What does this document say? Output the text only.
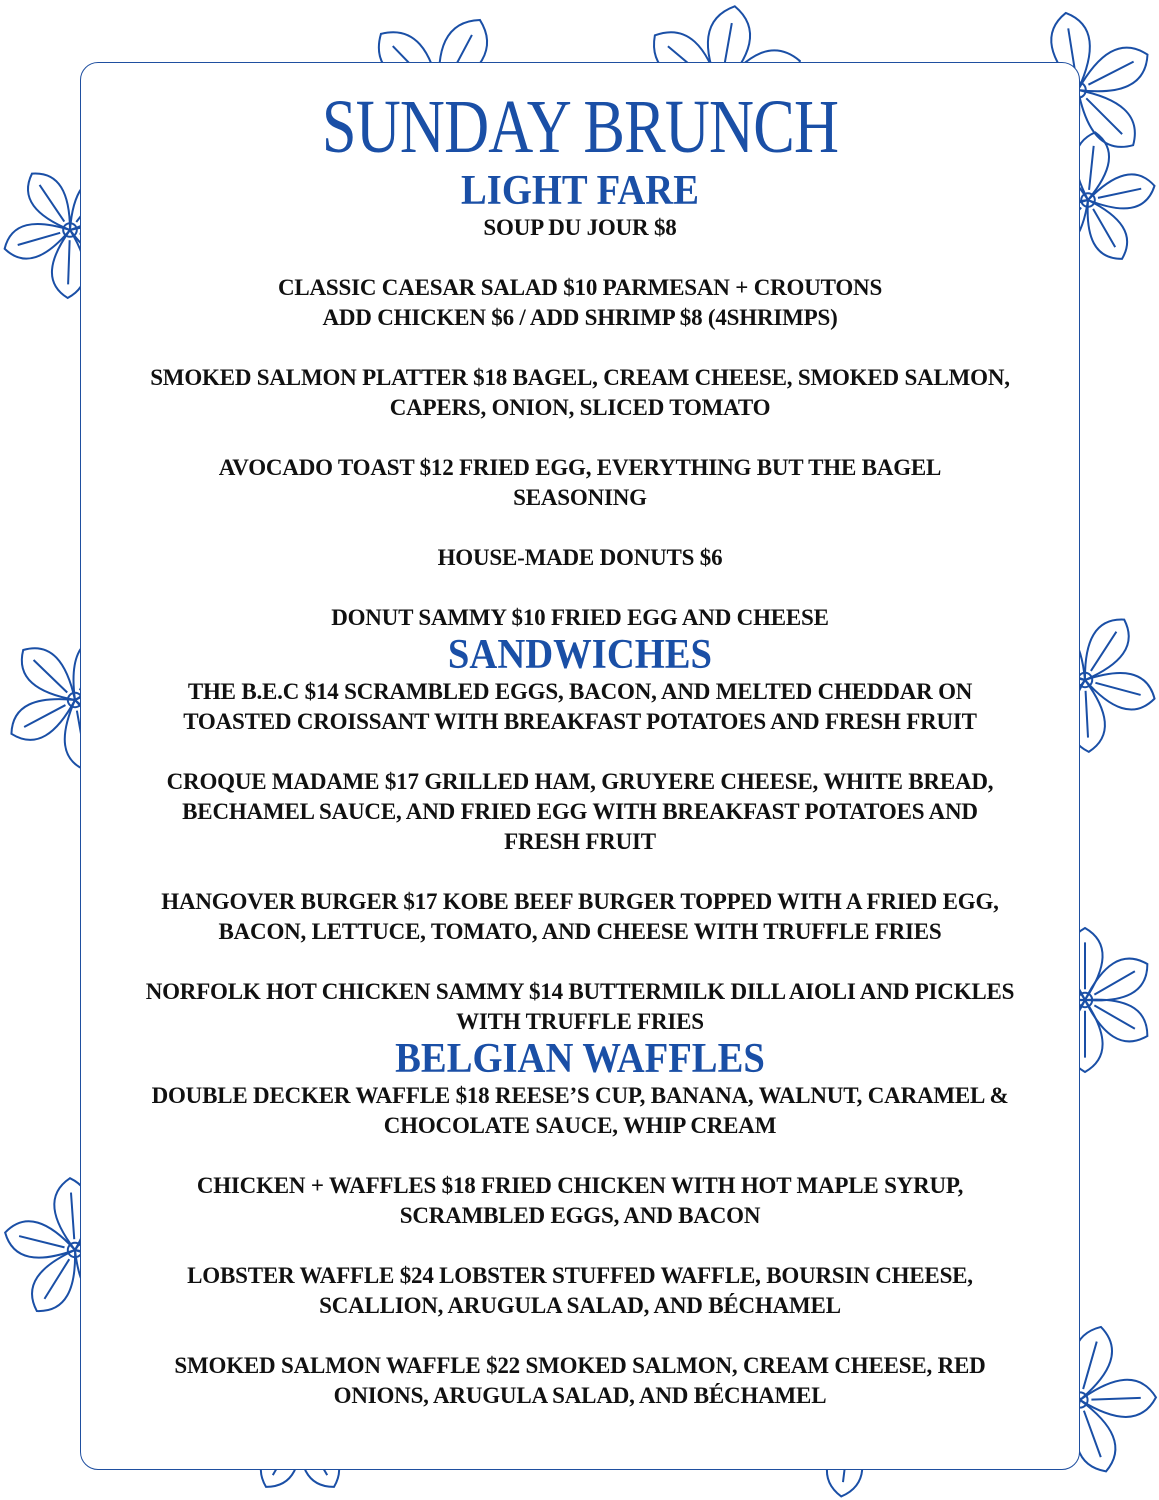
SUNDAY BRUNCH
LIGHT FARE
SOUP DU JOUR $8
CLASSIC CAESAR SALAD $10 PARMESAN + CROUTONS
ADD CHICKEN $6 / ADD SHRIMP $8 (4SHRIMPS)
SMOKED SALMON PLATTER $18 BAGEL, CREAM CHEESE, SMOKED SALMON,
CAPERS, ONION, SLICED TOMATO
AVOCADO TOAST $12 FRIED EGG, EVERYTHING BUT THE BAGEL
SEASONING
HOUSE-MADE DONUTS $6
DONUT SAMMY $10 FRIED EGG AND CHEESE
SANDWICHES
THE B.E.C $14 SCRAMBLED EGGS, BACON, AND MELTED CHEDDAR ON
TOASTED CROISSANT WITH BREAKFAST POTATOES AND FRESH FRUIT
CROQUE MADAME $17 GRILLED HAM, GRUYERE CHEESE, WHITE BREAD,
BECHAMEL SAUCE, AND FRIED EGG WITH BREAKFAST POTATOES AND
FRESH FRUIT
HANGOVER BURGER $17 KOBE BEEF BURGER TOPPED WITH A FRIED EGG,
BACON, LETTUCE, TOMATO, AND CHEESE WITH TRUFFLE FRIES
NORFOLK HOT CHICKEN SAMMY $14 BUTTERMILK DILL AIOLI AND PICKLES
WITH TRUFFLE FRIES
BELGIAN WAFFLES
DOUBLE DECKER WAFFLE $18 REESE’S CUP, BANANA, WALNUT, CARAMEL &
CHOCOLATE SAUCE, WHIP CREAM
CHICKEN + WAFFLES $18 FRIED CHICKEN WITH HOT MAPLE SYRUP,
SCRAMBLED EGGS, AND BACON
LOBSTER WAFFLE $24 LOBSTER STUFFED WAFFLE, BOURSIN CHEESE,
SCALLION, ARUGULA SALAD, AND BÉCHAMEL
SMOKED SALMON WAFFLE $22 SMOKED SALMON, CREAM CHEESE, RED
ONIONS, ARUGULA SALAD, AND BÉCHAMEL
